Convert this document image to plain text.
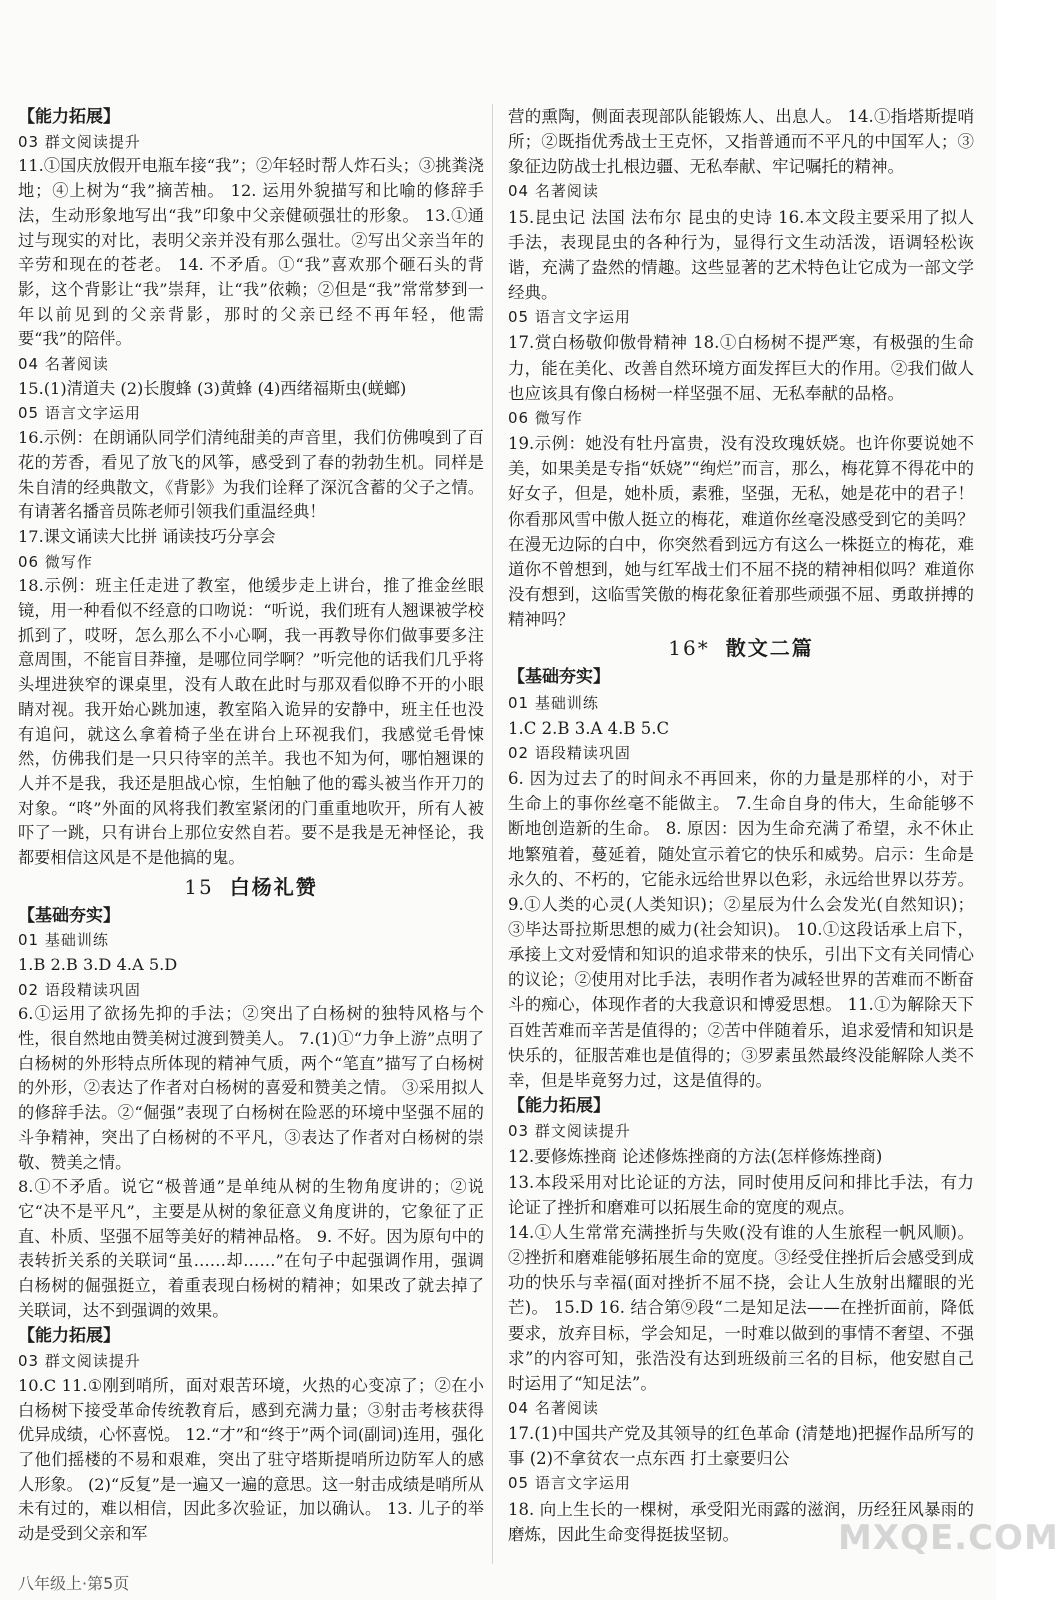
【能力拓展】
03 群文阅读提升
11.①国庆放假开电瓶车接“我”；②年轻时帮人炸石头；③挑粪浇地；④上树为“我”摘苦柚。 12. 运用外貌描写和比喻的修辞手法，生动形象地写出“我”印象中父亲健硕强壮的形象。 13.①通过与现实的对比，表明父亲并没有那么强壮。②写出父亲当年的辛劳和现在的苍老。 14. 不矛盾。①“我”喜欢那个砸石头的背影，这个背影让“我”崇拜，让“我”依赖；②但是“我”常常梦到一年以前见到的父亲背影，那时的父亲已经不再年轻，他需要“我”的陪伴。
04 名著阅读
15.(1)清道夫 (2)长腹蜂 (3)黄蜂 (4)西绪福斯虫(蜣螂)
05 语言文字运用
16.示例：在朗诵队同学们清纯甜美的声音里，我们仿佛嗅到了百花的芳香，看见了放飞的风筝，感受到了春的勃勃生机。同样是朱自清的经典散文，《背影》为我们诠释了深沉含蓄的父子之情。有请著名播音员陈老师引领我们重温经典！
17.课文诵读大比拼 诵读技巧分享会
06 微写作
18.示例：班主任走进了教室，他缓步走上讲台，推了推金丝眼镜，用一种看似不经意的口吻说：“听说，我们班有人翘课被学校抓到了，哎呀，怎么那么不小心啊，我一再教导你们做事要多注意周围，不能盲目莽撞，是哪位同学啊？”听完他的话我们几乎将头埋进狭窄的课桌里，没有人敢在此时与那双看似睁不开的小眼睛对视。我开始心跳加速，教室陷入诡异的安静中，班主任也没有追问，就这么拿着椅子坐在讲台上环视我们，我感觉毛骨悚然，仿佛我们是一只只待宰的羔羊。我也不知为何，哪怕翘课的人并不是我，我还是胆战心惊，生怕触了他的霉头被当作开刀的对象。“咚”外面的风将我们教室紧闭的门重重地吹开，所有人被吓了一跳，只有讲台上那位安然自若。要不是我是无神怪论，我都要相信这风是不是他搞的鬼。
15 白杨礼赞
【基础夯实】
01 基础训练
1.B 2.B 3.D 4.A 5.D
02 语段精读巩固
6.①运用了欲扬先抑的手法；②突出了白杨树的独特风格与个性，很自然地由赞美树过渡到赞美人。 7.(1)①“力争上游”点明了白杨树的外形特点所体现的精神气质，两个“笔直”描写了白杨树的外形，②表达了作者对白杨树的喜爱和赞美之情。 ③采用拟人的修辞手法。②“倔强”表现了白杨树在险恶的环境中坚强不屈的斗争精神，突出了白杨树的不平凡，③表达了作者对白杨树的崇敬、赞美之情。
8.①不矛盾。说它“极普通”是单纯从树的生物角度讲的；②说它“决不是平凡”，主要是从树的象征意义角度讲的，它象征了正直、朴质、坚强不屈等美好的精神品格。 9. 不好。因为原句中的表转折关系的关联词“虽……却……”在句子中起强调作用，强调白杨树的倔强挺立，着重表现白杨树的精神；如果改了就去掉了关联词，达不到强调的效果。
【能力拓展】
03 群文阅读提升
10.C 11.①刚到哨所，面对艰苦环境，火热的心变凉了；②在小白杨树下接受革命传统教育后，感到充满力量；③射击考核获得优异成绩，心怀喜悦。 12.“才”和“终于”两个词(副词)连用，强化了他们摇楼的不易和艰难，突出了驻守塔斯提哨所边防军人的感人形象。 (2)“反复”是一遍又一遍的意思。这一射击成绩是哨所从未有过的，难以相信，因此多次验证，加以确认。 13. 儿子的举动是受到父亲和军
营的熏陶，侧面表现部队能锻炼人、出息人。 14.①指塔斯提哨所；②既指优秀战士王克怀，又指普通而不平凡的中国军人；③象征边防战士扎根边疆、无私奉献、牢记嘱托的精神。
04 名著阅读
15.昆虫记 法国 法布尔 昆虫的史诗 16.本文段主要采用了拟人手法，表现昆虫的各种行为，显得行文生动活泼，语调轻松诙谐，充满了盎然的情趣。这些显著的艺术特色让它成为一部文学经典。
05 语言文字运用
17.赏白杨敬仰傲骨精神 18.①白杨树不提严寒，有极强的生命力，能在美化、改善自然环境方面发挥巨大的作用。②我们做人也应该具有像白杨树一样坚强不屈、无私奉献的品格。
06 微写作
19.示例：她没有牡丹富贵，没有没玫瑰妖娆。也许你要说她不美，如果美是专指“妖娆”“绚烂”而言，那么，梅花算不得花中的好女子，但是，她朴质，素雅，坚强，无私，她是花中的君子！你看那风雪中傲人挺立的梅花，难道你丝毫没感受到它的美吗？在漫无边际的白中，你突然看到远方有这么一株挺立的梅花，难道你不曾想到，她与红军战士们不屈不挠的精神相似吗？难道你没有想到，这临雪笑傲的梅花象征着那些顽强不屈、勇敢拼搏的精神吗？
16* 散文二篇
【基础夯实】
01 基础训练
1.C 2.B 3.A 4.B 5.C
02 语段精读巩固
6. 因为过去了的时间永不再回来，你的力量是那样的小，对于生命上的事你丝毫不能做主。 7.生命自身的伟大，生命能够不断地创造新的生命。 8. 原因：因为生命充满了希望，永不休止地繁殖着，蔓延着，随处宣示着它的快乐和威势。启示：生命是永久的、不朽的，它能永远给世界以色彩，永远给世界以芬芳。 9.①人类的心灵(人类知识)；②星辰为什么会发光(自然知识)；③毕达哥拉斯思想的威力(社会知识)。 10.①这段话承上启下，承接上文对爱情和知识的追求带来的快乐，引出下文有关同情心的议论；②使用对比手法，表明作者为减轻世界的苦难而不断奋斗的痴心，体现作者的大我意识和博爱思想。 11.①为解除天下百姓苦难而辛苦是值得的；②苦中伴随着乐，追求爱情和知识是快乐的，征服苦难也是值得的；③罗素虽然最终没能解除人类不幸，但是毕竟努力过，这是值得的。
【能力拓展】
03 群文阅读提升
12.要修炼挫商 论述修炼挫商的方法(怎样修炼挫商)
13.本段采用对比论证的方法，同时使用反问和排比手法，有力论证了挫折和磨难可以拓展生命的宽度的观点。
14.①人生常常充满挫折与失败(没有谁的人生旅程一帆风顺)。②挫折和磨难能够拓展生命的宽度。③经受住挫折后会感受到成功的快乐与幸福(面对挫折不屈不挠，会让人生放射出耀眼的光芒)。 15.D 16. 结合第⑨段“二是知足法——在挫折面前，降低要求，放弃目标，学会知足，一时难以做到的事情不奢望、不强求”的内容可知，张浩没有达到班级前三名的目标，他安慰自己时运用了“知足法”。
04 名著阅读
17.(1)中国共产党及其领导的红色革命 (清楚地)把握作品所写的事 (2)不拿贫农一点东西 打土豪要归公
05 语言文字运用
18. 向上生长的一棵树，承受阳光雨露的滋润，历经狂风暴雨的磨炼，因此生命变得挺拔坚韧。
八年级上·第5页
MXQE.COM
